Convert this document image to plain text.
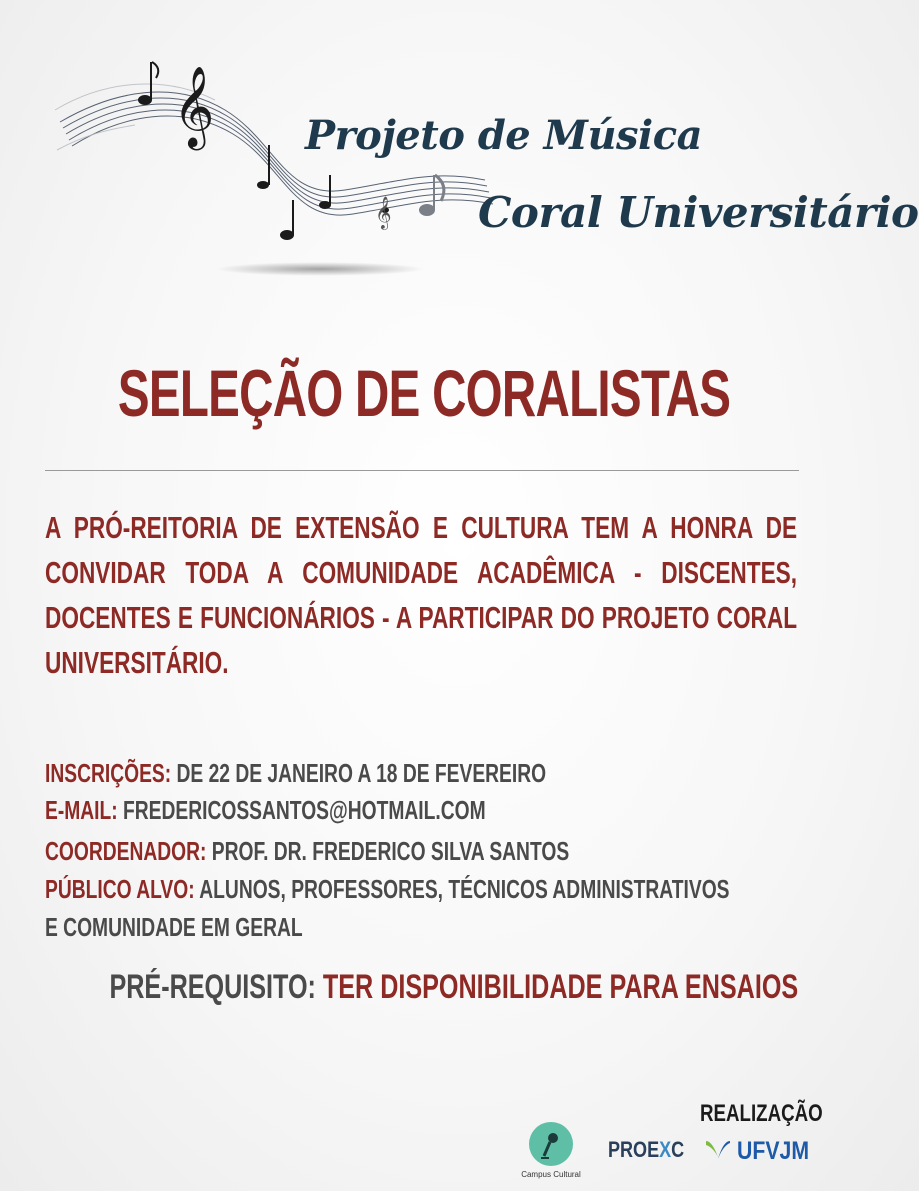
𝄞
𝄞
Projeto de Música
Coral Universitário
SELEÇÃO DE CORALISTAS
A PRÓ-REITORIA DE EXTENSÃO E CULTURA TEM A HONRA DE
CONVIDAR TODA A COMUNIDADE ACADÊMICA - DISCENTES,
DOCENTES E FUNCIONÁRIOS - A PARTICIPAR DO PROJETO CORAL
UNIVERSITÁRIO.
INSCRIÇÕES: DE 22 DE JANEIRO A 18 DE FEVEREIRO
E-MAIL: FREDERICOSSANTOS@HOTMAIL.COM
COORDENADOR: PROF. DR. FREDERICO SILVA SANTOS
PÚBLICO ALVO: ALUNOS, PROFESSORES, TÉCNICOS ADMINISTRATIVOS
E COMUNIDADE EM GERAL
PRÉ-REQUISITO: TER DISPONIBILIDADE PARA ENSAIOS
REALIZAÇÃO
Campus Cultural
PROEXC	UFVJM
